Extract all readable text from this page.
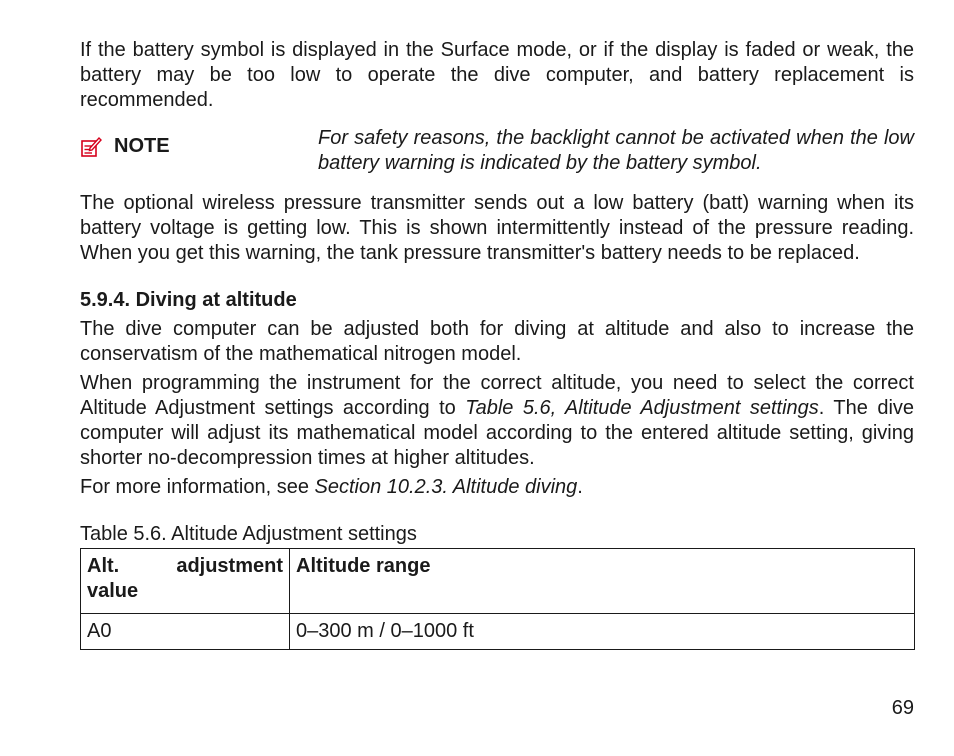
If the battery symbol is displayed in the Surface mode, or if the display is faded or weak, the battery may be too low to operate the dive computer, and battery replacement is recommended.

NOTE	For safety reasons, the backlight cannot be activated when the low battery warning is indicated by the battery symbol.

The optional wireless pressure transmitter sends out a low battery (batt) warning when its battery voltage is getting low. This is shown intermittently instead of the pressure reading. When you get this warning, the tank pressure transmitter's battery needs to be replaced.

5.9.4. Diving at altitude

The dive computer can be adjusted both for diving at altitude and also to increase the conservatism of the mathematical nitrogen model.

When programming the instrument for the correct altitude, you need to select the correct Altitude Adjustment settings according to Table 5.6, Altitude Adjustment settings. The dive computer will adjust its mathematical model according to the entered altitude setting, giving shorter no-decompression times at higher altitudes.

For more information, see Section 10.2.3. Altitude diving.

Table 5.6. Altitude Adjustment settings
Alt. adjustment value	Altitude range
A0	0–300 m / 0–1000 ft
69
